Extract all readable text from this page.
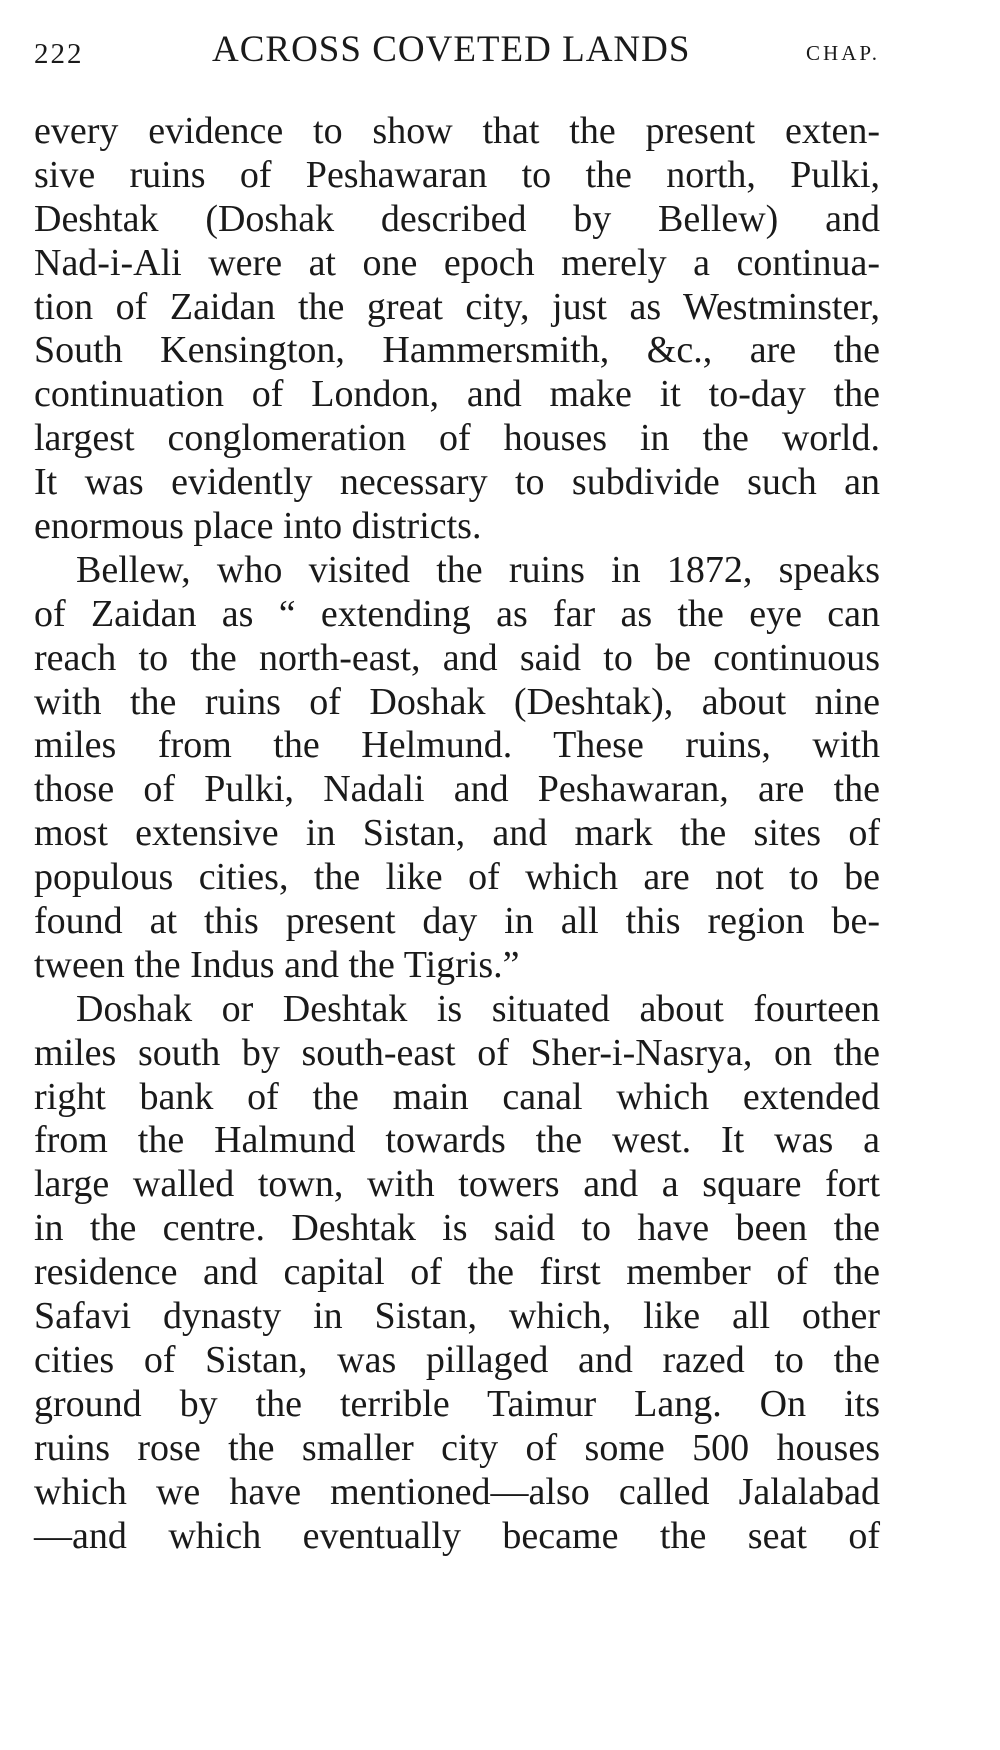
222	ACROSS COVETED LANDS	CHAP.
every evidence to show that the present exten-
sive ruins of Peshawaran to the north, Pulki,
Deshtak (Doshak described by Bellew) and
Nad-i-Ali were at one epoch merely a continua-
tion of Zaidan the great city, just as Westminster,
South Kensington, Hammersmith, &c., are the
continuation of London, and make it to-day the
largest conglomeration of houses in the world.
It was evidently necessary to subdivide such an
enormous place into districts.
Bellew, who visited the ruins in 1872, speaks
of Zaidan as “ extending as far as the eye can
reach to the north-east, and said to be continuous
with the ruins of Doshak (Deshtak), about nine
miles from the Helmund. These ruins, with
those of Pulki, Nadali and Peshawaran, are the
most extensive in Sistan, and mark the sites of
populous cities, the like of which are not to be
found at this present day in all this region be-
tween the Indus and the Tigris.”
Doshak or Deshtak is situated about fourteen
miles south by south-east of Sher-i-Nasrya, on the
right bank of the main canal which extended
from the Halmund towards the west. It was a
large walled town, with towers and a square fort
in the centre. Deshtak is said to have been the
residence and capital of the first member of the
Safavi dynasty in Sistan, which, like all other
cities of Sistan, was pillaged and razed to the
ground by the terrible Taimur Lang. On its
ruins rose the smaller city of some 500 houses
which we have mentioned—also called Jalalabad
—and which eventually became the seat of
